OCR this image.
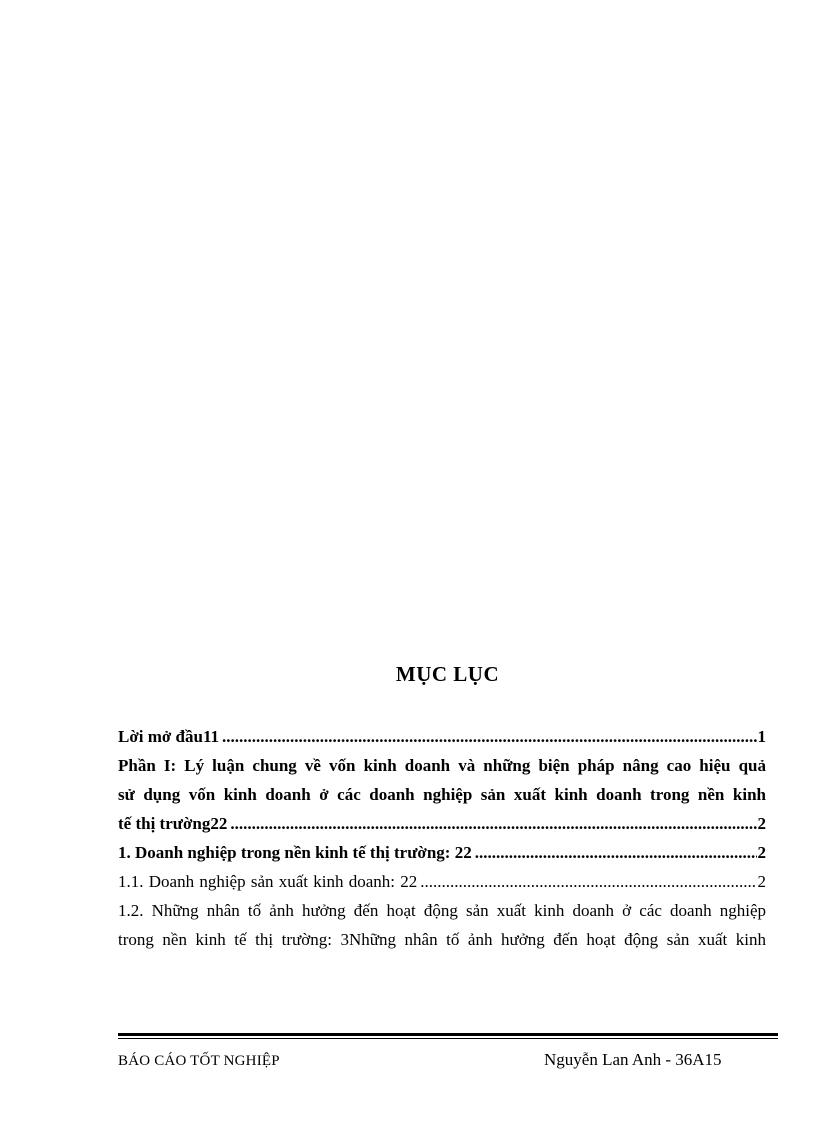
MỤC LỤC
Lời mở đầu11 .....	1
Phần I: Lý luận chung về vốn kinh doanh và những biện pháp nâng cao hiệu quả
sử dụng vốn kinh doanh ở các doanh nghiệp sản xuất kinh doanh trong nền kinh
tế thị trường22 .....	2
1. Doanh nghiệp trong nền kinh tế thị trường: 22 .....	2
1.1. Doanh nghiệp sản xuất kinh doanh: 22 .....	2
1.2. Những nhân tố ảnh hưởng đến hoạt động sản xuất kinh doanh ở các doanh nghiệp
trong nền kinh tế thị trường: 3Những nhân tố ảnh hưởng đến hoạt động sản xuất kinh
BÁO CÁO TỐT NGHIỆP	Nguyễn Lan Anh - 36A15
